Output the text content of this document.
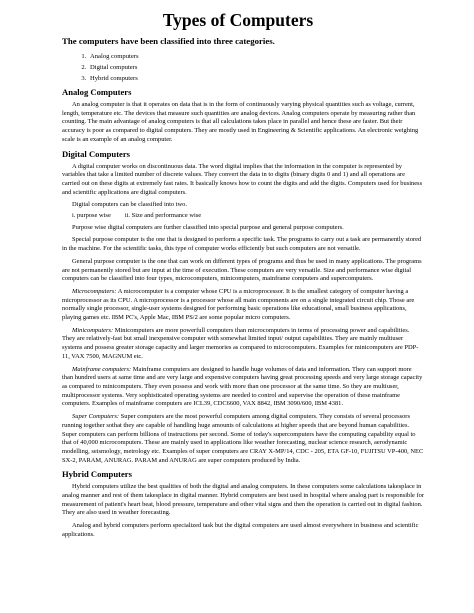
Types of Computers
The computers have been classified into three categories.
1. Analog computers
2. Digital computers
3. Hybrid computers
Analog Computers

An analog computer is that it operates on data that is in the form of continuously varying physical quantities such as voltage, current, length, temperature etc. The devices that measure such quantities are analog devices. Analog computers operate by measuring rather than counting. The main advantage of analog computers is that all calculations takes place in parallel and hence these are faster. But their accuracy is poor as compared to digital computers. They are mostly used in Engineering & Scientific applications. An electronic weighing scale is an example of an analog computer.

Digital Computers

A digital computer works on discontinuous data. The word digital implies that the information in the computer is represented by variables that take a limited number of discrete values. They convert the data in to digits (binary digits 0 and 1) and all operations are carried out on these digits at extremely fast rates. It basically knows how to count the digits and add the digits. Computers used for business and scientific applications are digital computers.

Digital computers can be classified into two.

i. purpose wise ii. Size and performance wise

Purpose wise digital computers are further classified into special purpose and general purpose computers.

Special purpose computer is the one that is designed to perform a specific task. The programs to carry out a task are permanently stored in the machine. For the scientific tasks, this type of computer works efficiently but such computers are not versatile.

General purpose computer is the one that can work on different types of programs and thus be used in many applications. The programs are not permanently stored but are input at the time of execution. These computers are very versatile. Size and performance wise digital computers can be classified into four types, microcomputers, minicomputers, mainframe computers and supercomputers.

Microcomputers: A microcomputer is a computer whose CPU is a microprocessor. It is the smallest category of computer having a microprocessor as its CPU. A microprocessor is a processor whose all main components are on a single integrated circuit chip. Those are normally single processor, single-user systems designed for performing basic operations like educational, small business applications, playing games etc. IBM PC's, Apple Mac, IBM PS/2 are some popular micro computers.

Minicomputers: Minicomputers are more powerfull computers than microcomputers in terms of processing power and capabilities. They are relatively-fast but small inexpensive computer with somewhat limited input/ output capabilities. They are mainly multiuser systems and possess greater storage capacity and larger memories as compared to microcomputers. Examples for minicomputers are PDP-11, VAX 7500, MAGNUM etc.

Mainframe computers: Mainframe computers are designed to handle huge volumes of data and information. They can support more than hundred users at same time and are very large and expensive computers having great processing speeds and very large storage capacity as compared to minicomputers. They even possess and work with more than one processor at the same time. So they are multiuser, multiprocessor systems. Very sophisticated operating systems are needed to control and supervise the operation of these mainframe computers. Examples of mainframe computers are ICL39, CDC6600, VAX 8842, IBM 3090/600, IBM 4381.

Super Computers: Super computers are the most powerful computers among digital computers. They consists of several processors running together sothat they are capable of handling huge amounts of calculations at higher speeds that are beyond human capabilities. Super computers can perform billions of instructions per second. Some of today's supercomputers have the computing capability equal to that of 40,000 microcomputers. These are mainly used in applications like weather forecasting, nuclear science research, aerodynamic modelling, seismology, metrology etc. Examples of super computers are CRAY X-MP/14, CDC - 205, ETA GF-10, FUJITSU VP-400, NEC SX-2, PARAM, ANURAG. PARAM and ANURAG are super computers produced by India.

Hybrid Computers

Hybrid computers utilize the best qualities of both the digital and analog computers. In these computers some calculations takesplace in analog manner and rest of them takesplace in digital manner. Hybrid computers are best used in hospital where analog part is responsible for measurement of patient's heart beat, blood pressure, temperature and other vital signs and then the operation is carried out in digital fashion. They are also used in weather forecasting.

Analog and hybrid computers perform specialized task but the digital computers are used almost everywhere in business and scientific applications.
